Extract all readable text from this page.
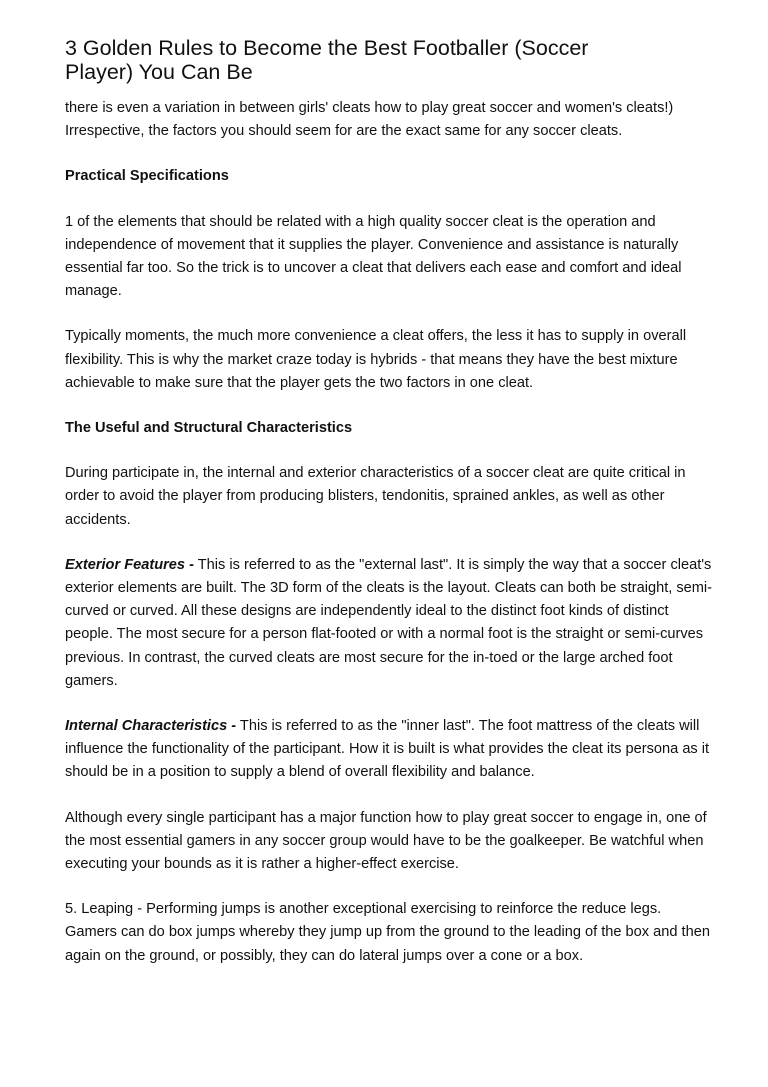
3 Golden Rules to Become the Best Footballer (Soccer
Player) You Can Be

there is even a variation in between girls' cleats how to play great soccer and women's cleats!) Irrespective, the factors you should seem for are the exact same for any soccer cleats.

Practical Specifications

1 of the elements that should be related with a high quality soccer cleat is the operation and independence of movement that it supplies the player. Convenience and assistance is naturally essential far too. So the trick is to uncover a cleat that delivers each ease and comfort and ideal manage.

Typically moments, the much more convenience a cleat offers, the less it has to supply in overall flexibility. This is why the market craze today is hybrids - that means they have the best mixture achievable to make sure that the player gets the two factors in one cleat.

The Useful and Structural Characteristics

During participate in, the internal and exterior characteristics of a soccer cleat are quite critical in order to avoid the player from producing blisters, tendonitis, sprained ankles, as well as other accidents.

Exterior Features - This is referred to as the "external last". It is simply the way that a soccer cleat's exterior elements are built. The 3D form of the cleats is the layout. Cleats can both be straight, semi-curved or curved. All these designs are independently ideal to the distinct foot kinds of distinct people. The most secure for a person flat-footed or with a normal foot is the straight or semi-curves previous. In contrast, the curved cleats are most secure for the in-toed or the large arched foot gamers.

Internal Characteristics - This is referred to as the "inner last". The foot mattress of the cleats will influence the functionality of the participant. How it is built is what provides the cleat its persona as it should be in a position to supply a blend of overall flexibility and balance.

Although every single participant has a major function how to play great soccer to engage in, one of the most essential gamers in any soccer group would have to be the goalkeeper. Be watchful when executing your bounds as it is rather a higher-effect exercise.

5. Leaping - Performing jumps is another exceptional exercising to reinforce the reduce legs. Gamers can do box jumps whereby they jump up from the ground to the leading of the box and then again on the ground, or possibly, they can do lateral jumps over a cone or a box.
